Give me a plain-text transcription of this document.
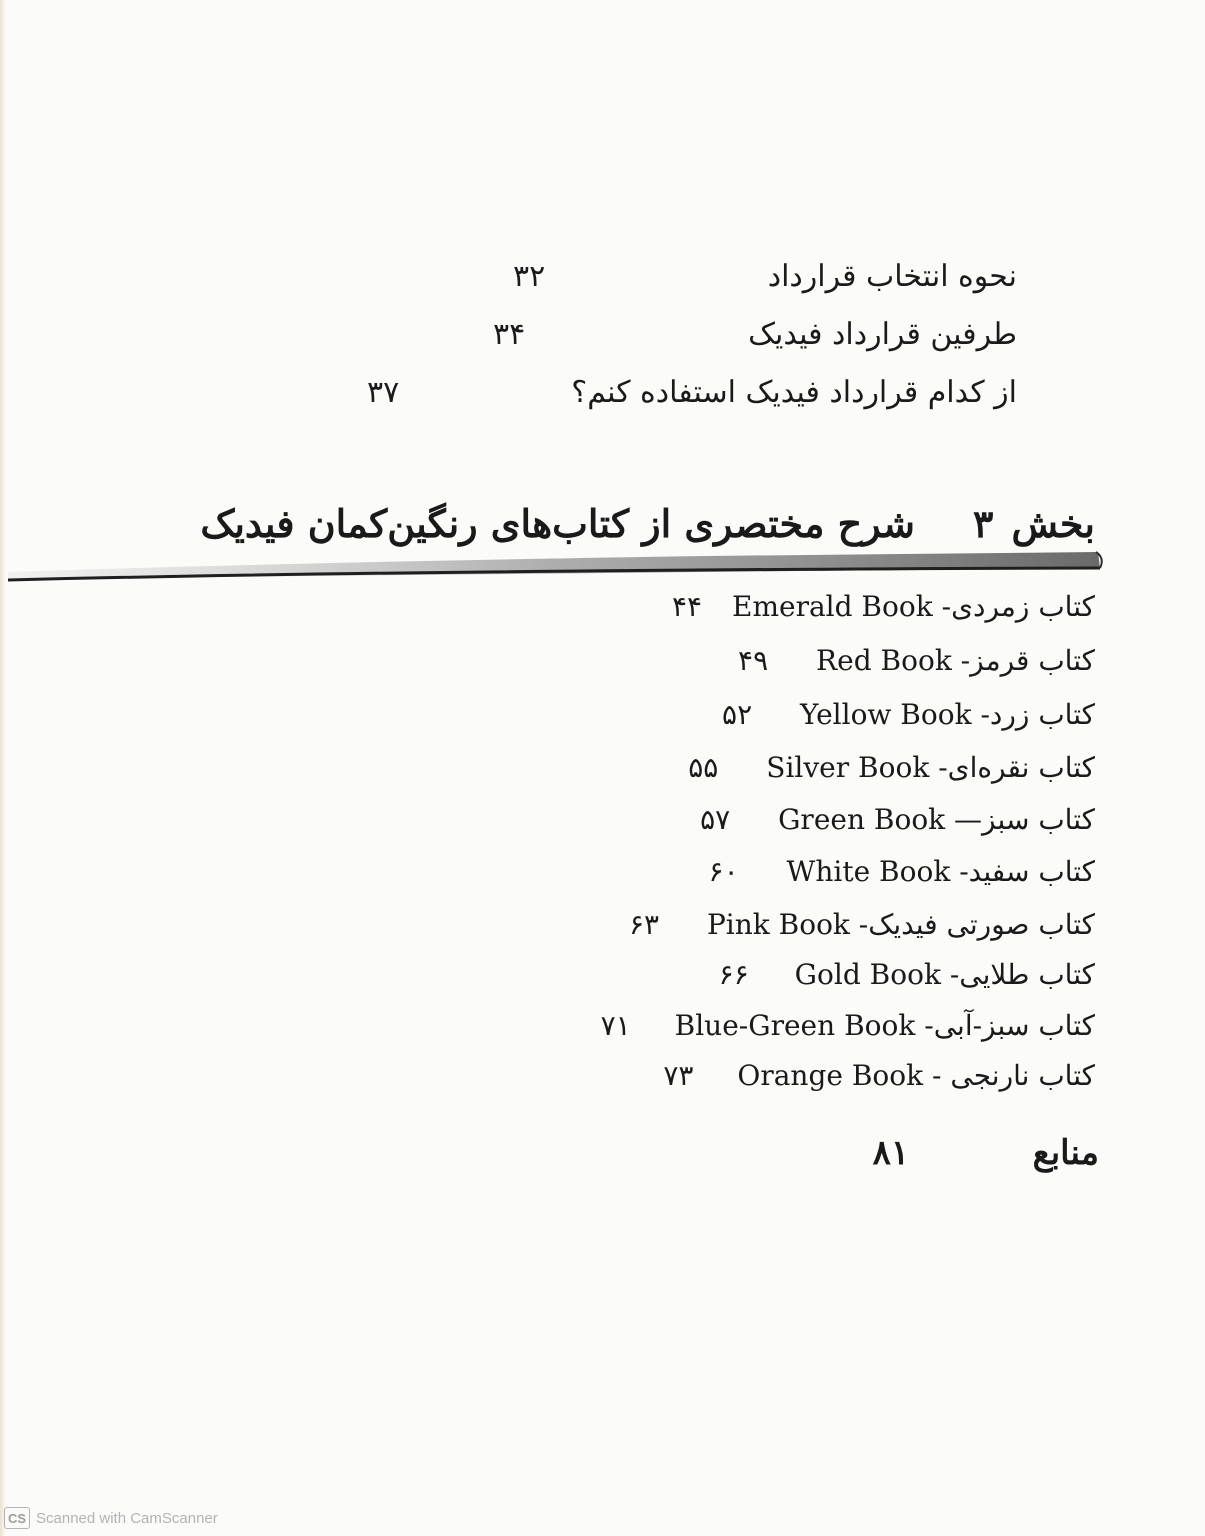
نحوه انتخاب قرارداد
۳۲
طرفین قرارداد فیدیک
۳۴
از کدام قرارداد فیدیک استفاده کنم؟
۳۷
بخش۳شرح مختصری از کتاب‌های رنگین‌کمان فیدیک
کتاب زمردی- Emerald Book
۴۴
کتاب قرمز- Red Book
۴۹
کتاب زرد- Yellow Book
۵۲
کتاب نقره‌ای- Silver Book
۵۵
کتاب سبز— Green Book
۵۷
کتاب سفید- White Book
۶۰
کتاب صورتی فیدیک- Pink Book
۶۳
کتاب طلایی- Gold Book
۶۶
کتاب سبز-آبی- Blue-Green Book
۷۱
کتاب نارنجی - Orange Book
۷۳
منابع
۸۱
CS Scanned with CamScanner
